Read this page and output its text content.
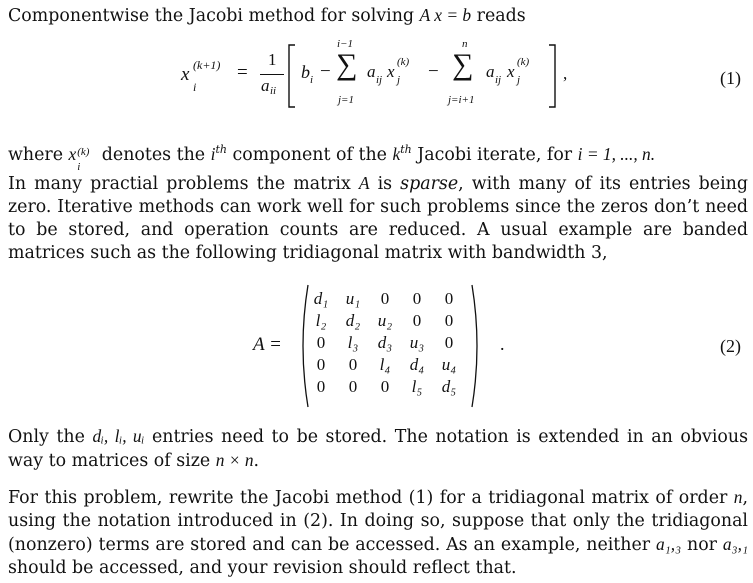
Componentwise the Jacobi method for solving A x = b reads

x (k+1)
i
=
1
a ii
b i −
i−1
∑
j=1
a ij x (k)
j −
n
∑
j=i+1
a ij x (k)
j	,	(1)

where x (k)
i
denotes the $i^{th}$ component of the $k^{th}$ Jacobi iterate, for i = 1, ..., n.

In many practial problems the matrix A is sparse, with many of its entries being zero. Iterative methods can work well for such problems since the zeros don’t need to be stored, and operation counts are reduced. A usual example are banded matrices such as the following tridiagonal matrix with bandwidth 3,

A =
d₁	u₁	0	0	0
l₂	d₂	u₂	0	0
0	l₃	d₃	u₃	0
0	0	l₄	d₄	u₄
0	0	0	l₅	d₅
.	(2)

Only the dᵢ, lᵢ, uᵢ entries need to be stored. The notation is extended in an obvious way to matrices of size n × n.

For this problem, rewrite the Jacobi method (1) for a tridiagonal matrix of order n, using the notation introduced in (2). In doing so, suppose that only the tridiagonal (nonzero) terms are stored and can be accessed. As an example, neither a₁,₃ nor a₃,₁ should be accessed, and your revision should reflect that.
